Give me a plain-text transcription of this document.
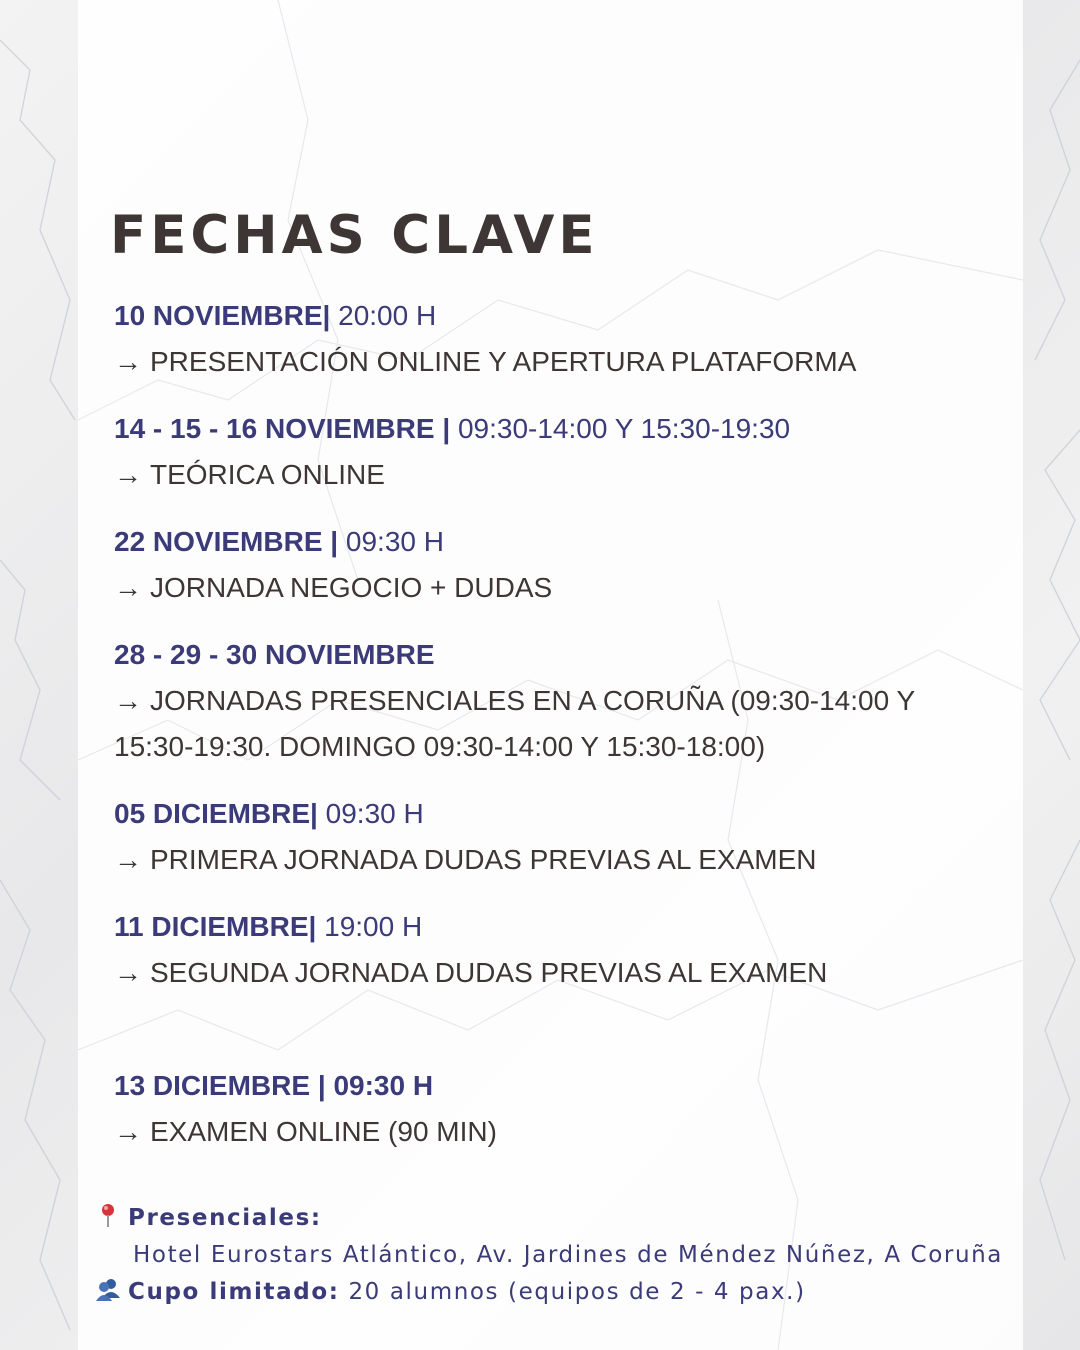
FECHAS CLAVE
10 NOVIEMBRE| 20:00 H
→ PRESENTACIÓN ONLINE Y APERTURA PLATAFORMA
14 - 15 - 16 NOVIEMBRE | 09:30-14:00 Y 15:30-19:30
→ TEÓRICA ONLINE
22 NOVIEMBRE | 09:30 H
→ JORNADA NEGOCIO + DUDAS
28 - 29 - 30 NOVIEMBRE
→ JORNADAS PRESENCIALES EN A CORUÑA (09:30-14:00 Y 15:30-19:30. DOMINGO 09:30-14:00 Y 15:30-18:00)
05 DICIEMBRE| 09:30 H
→ PRIMERA JORNADA DUDAS PREVIAS AL EXAMEN
11 DICIEMBRE| 19:00 H
→ SEGUNDA JORNADA DUDAS PREVIAS AL EXAMEN
13 DICIEMBRE | 09:30 H
→ EXAMEN ONLINE (90 MIN)
Presenciales:
Hotel Eurostars Atlántico, Av. Jardines de Méndez Núñez, A Coruña
Cupo limitado: 20 alumnos (equipos de 2 - 4 pax.)
